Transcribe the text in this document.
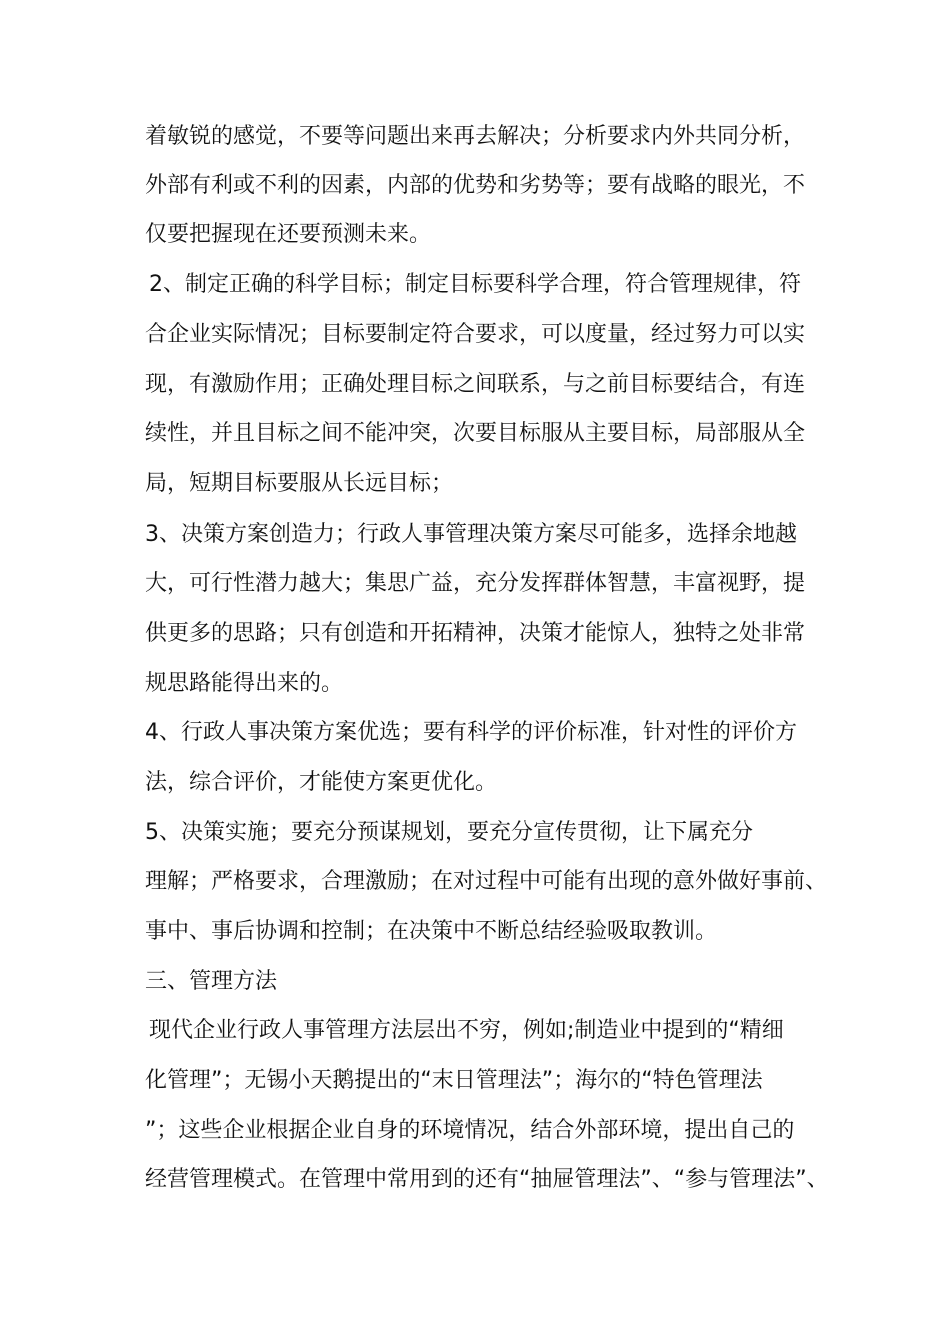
着敏锐的感觉，不要等问题出来再去解决；分析要求内外共同分析，
外部有利或不利的因素，内部的优势和劣势等；要有战略的眼光，不
仅要把握现在还要预测未来。
2、制定正确的科学目标；制定目标要科学合理，符合管理规律，符
合企业实际情况；目标要制定符合要求，可以度量，经过努力可以实
现，有激励作用；正确处理目标之间联系，与之前目标要结合，有连
续性，并且目标之间不能冲突，次要目标服从主要目标，局部服从全
局，短期目标要服从长远目标；
3、决策方案创造力；行政人事管理决策方案尽可能多，选择余地越
大，可行性潜力越大；集思广益，充分发挥群体智慧，丰富视野，提
供更多的思路；只有创造和开拓精神，决策才能惊人，独特之处非常
规思路能得出来的。
4、行政人事决策方案优选；要有科学的评价标准，针对性的评价方
法，综合评价，才能使方案更优化。
5、决策实施；要充分预谋规划，要充分宣传贯彻，让下属充分
理解；严格要求，合理激励；在对过程中可能有出现的意外做好事前、
事中、事后协调和控制；在决策中不断总结经验吸取教训。
三、管理方法
现代企业行政人事管理方法层出不穷，例如;制造业中提到的“精细
化管理”；无锡小天鹅提出的“末日管理法”；海尔的“特色管理法
”；这些企业根据企业自身的环境情况，结合外部环境，提出自己的
经营管理模式。在管理中常用到的还有“抽屉管理法”、“参与管理法”、
